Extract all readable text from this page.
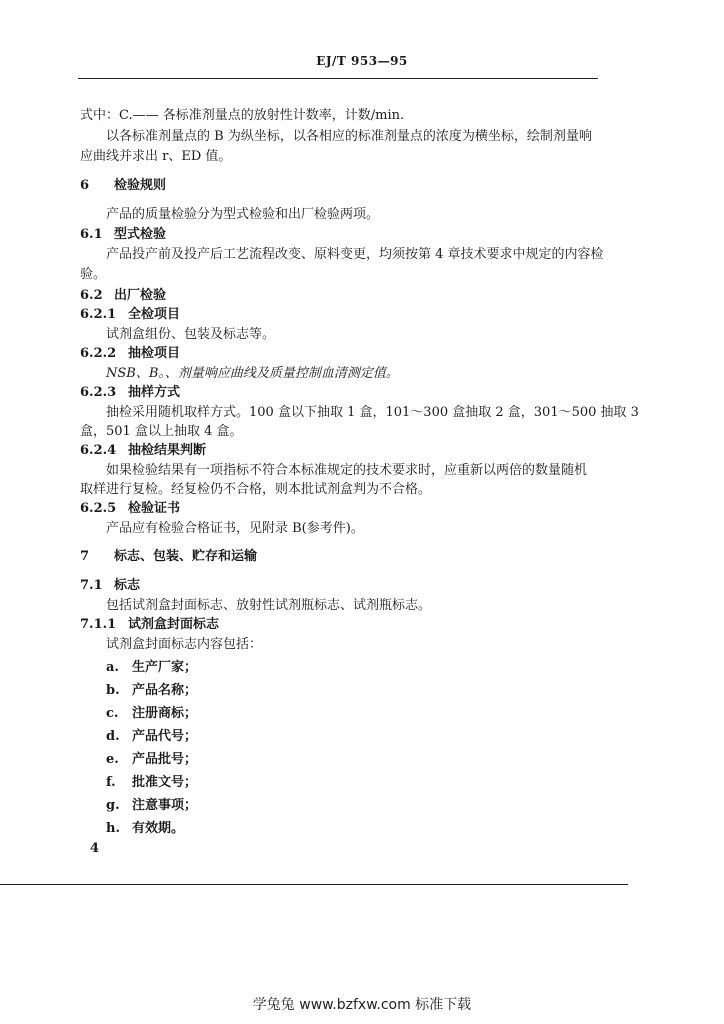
EJ/T 953—95
式中：C.—— 各标准剂量点的放射性计数率，计数/min.
以各标准剂量点的 B 为纵坐标，以各相应的标准剂量点的浓度为横坐标，绘制剂量响
应曲线并求出 r、ED 值。
6 检验规则
产品的质量检验分为型式检验和出厂检验两项。
6.1 型式检验
产品投产前及投产后工艺流程改变、原料变更，均须按第 4 章技术要求中规定的内容检
验。
6.2 出厂检验
6.2.1 全检项目
试剂盒组份、包装及标志等。
6.2.2 抽检项目
NSB、B。、剂量响应曲线及质量控制血清测定值。
6.2.3 抽样方式
抽检采用随机取样方式。100 盒以下抽取 1 盒，101～300 盒抽取 2 盒，301～500 抽取 3
盒，501 盒以上抽取 4 盒。
6.2.4 抽检结果判断
如果检验结果有一项指标不符合本标准规定的技术要求时，应重新以两倍的数量随机
取样进行复检。经复检仍不合格，则本批试剂盒判为不合格。
6.2.5 检验证书
产品应有检验合格证书，见附录 B(参考件)。
7 标志、包装、贮存和运输
7.1 标志
包括试剂盒封面标志、放射性试剂瓶标志、试剂瓶标志。
7.1.1 试剂盒封面标志
试剂盒封面标志内容包括：
a. 生产厂家；
b. 产品名称；
c. 注册商标；
d. 产品代号；
e. 产品批号；
f. 批准文号；
g. 注意事项；
h. 有效期。
4
学兔兔 www.bzfxw.com 标准下载
